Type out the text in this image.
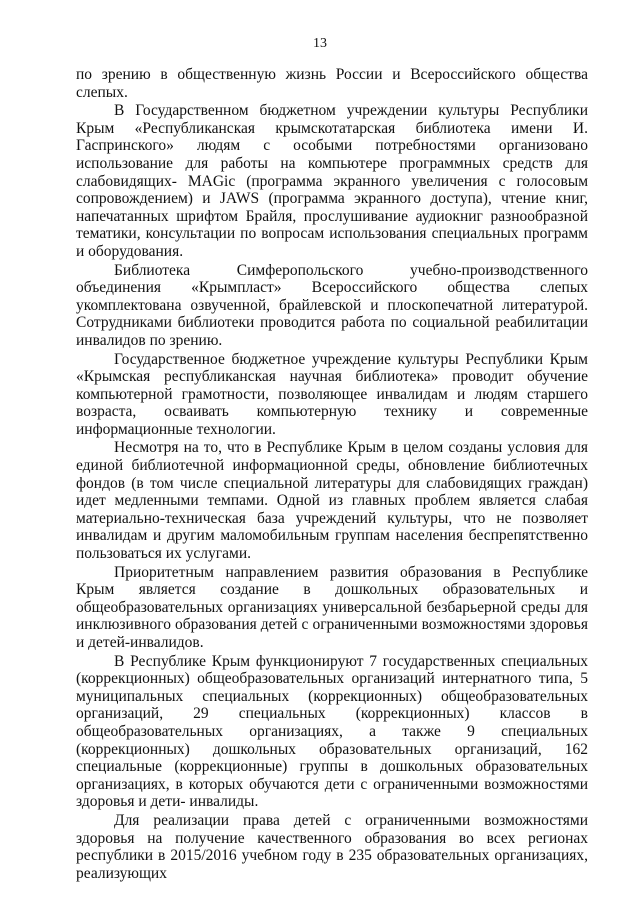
13

по зрению в общественную жизнь России и Всероссийского общества слепых.

В Государственном бюджетном учреждении культуры Республики Крым «Республиканская крымскотатарская библиотека имени И. Гаспринского» людям с особыми потребностями организовано использование для работы на компьютере программных средств для слабовидящих- MAGic (программа экранного увеличения с голосовым сопровождением) и JAWS (программа экранного доступа), чтение книг, напечатанных шрифтом Брайля, прослушивание аудиокниг разнообразной тематики, консультации по вопросам использования специальных программ и оборудования.

Библиотека Симферопольского учебно-производственного объединения «Крымпласт» Всероссийского общества слепых укомплектована озвученной, брайлевской и плоскопечатной литературой. Сотрудниками библиотеки проводится работа по социальной реабилитации инвалидов по зрению.

Государственное бюджетное учреждение культуры Республики Крым «Крымская республиканская научная библиотека» проводит обучение компьютерной грамотности, позволяющее инвалидам и людям старшего возраста, осваивать компьютерную технику и современные информационные технологии.

Несмотря на то, что в Республике Крым в целом созданы условия для единой библиотечной информационной среды, обновление библиотечных фондов (в том числе специальной литературы для слабовидящих граждан) идет медленными темпами. Одной из главных проблем является слабая материально-техническая база учреждений культуры, что не позволяет инвалидам и другим маломобильным группам населения беспрепятственно пользоваться их услугами.

Приоритетным направлением развития образования в Республике Крым является создание в дошкольных образовательных и общеобразовательных организациях универсальной безбарьерной среды для инклюзивного образования детей с ограниченными возможностями здоровья и детей-инвалидов.

В Республике Крым функционируют 7 государственных специальных (коррекционных) общеобразовательных организаций интернатного типа, 5 муниципальных специальных (коррекционных) общеобразовательных организаций, 29 специальных (коррекционных) классов в общеобразовательных организациях, а также 9 специальных (коррекционных) дошкольных образовательных организаций, 162 специальные (коррекционные) группы в дошкольных образовательных организациях, в которых обучаются дети с ограниченными возможностями здоровья и дети- инвалиды.

Для реализации права детей с ограниченными возможностями здоровья на получение качественного образования во всех регионах республики в 2015/2016 учебном году в 235 образовательных организациях, реализующих
